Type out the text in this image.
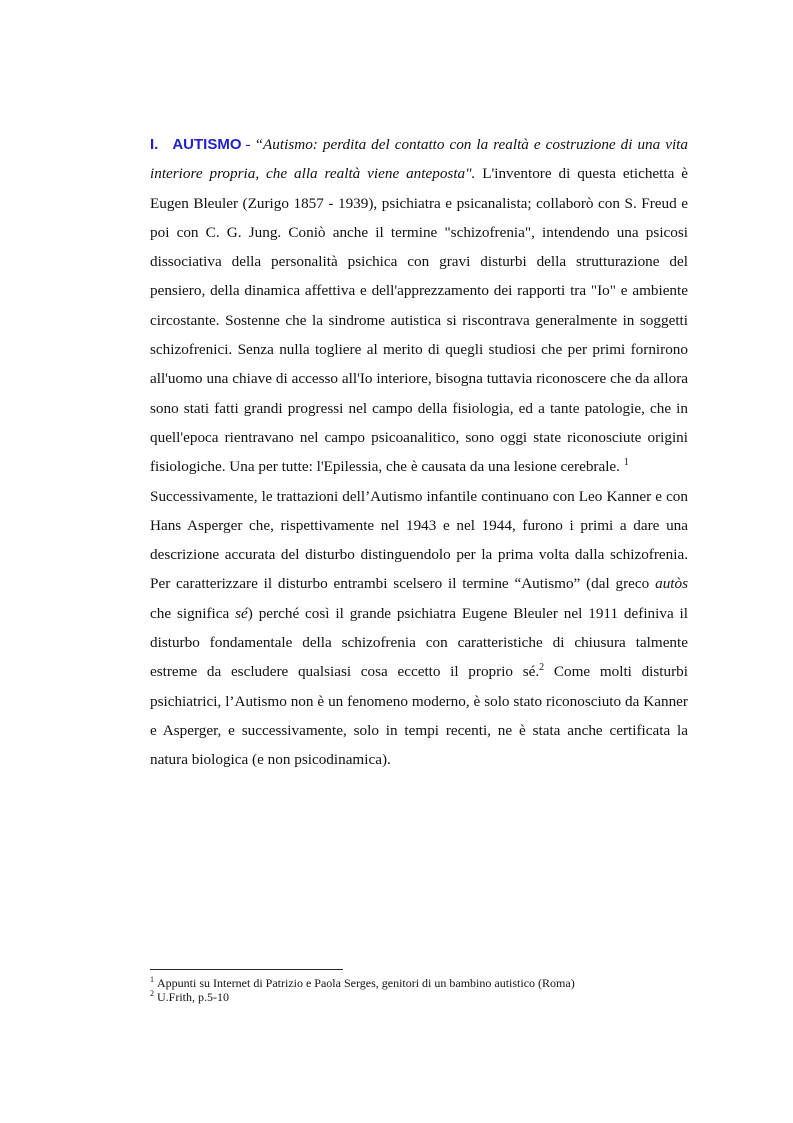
I. AUTISMO - “Autismo: perdita del contatto con la realtà e costruzione di una vita interiore propria, che alla realtà viene anteposta". L'inventore di questa etichetta è Eugen Bleuler (Zurigo 1857 - 1939), psichiatra e psicanalista; collaborò con S. Freud e poi con C. G. Jung. Coniò anche il termine "schizofrenia", intendendo una psicosi dissociativa della personalità psichica con gravi disturbi della strutturazione del pensiero, della dinamica affettiva e dell'apprezzamento dei rapporti tra "Io" e ambiente circostante. Sostenne che la sindrome autistica si riscontrava generalmente in soggetti schizofrenici. Senza nulla togliere al merito di quegli studiosi che per primi fornirono all'uomo una chiave di accesso all'Io interiore, bisogna tuttavia riconoscere che da allora sono stati fatti grandi progressi nel campo della fisiologia, ed a tante patologie, che in quell'epoca rientravano nel campo psicoanalitico, sono oggi state riconosciute origini fisiologiche. Una per tutte: l'Epilessia, che è causata da una lesione cerebrale. $^1$

Successivamente, le trattazioni dell’Autismo infantile continuano con Leo Kanner e con Hans Asperger che, rispettivamente nel 1943 e nel 1944, furono i primi a dare una descrizione accurata del disturbo distinguendolo per la prima volta dalla schizofrenia. Per caratterizzare il disturbo entrambi scelsero il termine “Autismo” (dal greco autòs che significa sé) perché così il grande psichiatra Eugene Bleuler nel 1911 definiva il disturbo fondamentale della schizofrenia con caratteristiche di chiusura talmente estreme da escludere qualsiasi cosa eccetto il proprio sé.$^2$ Come molti disturbi psichiatrici, l’Autismo non è un fenomeno moderno, è solo stato riconosciuto da Kanner e Asperger, e successivamente, solo in tempi recenti, ne è stata anche certificata la natura biologica (e non psicodinamica).

$^1$ Appunti su Internet di Patrizio e Paola Serges, genitori di un bambino autistico (Roma)
$^2$ U.Frith, p.5-10
